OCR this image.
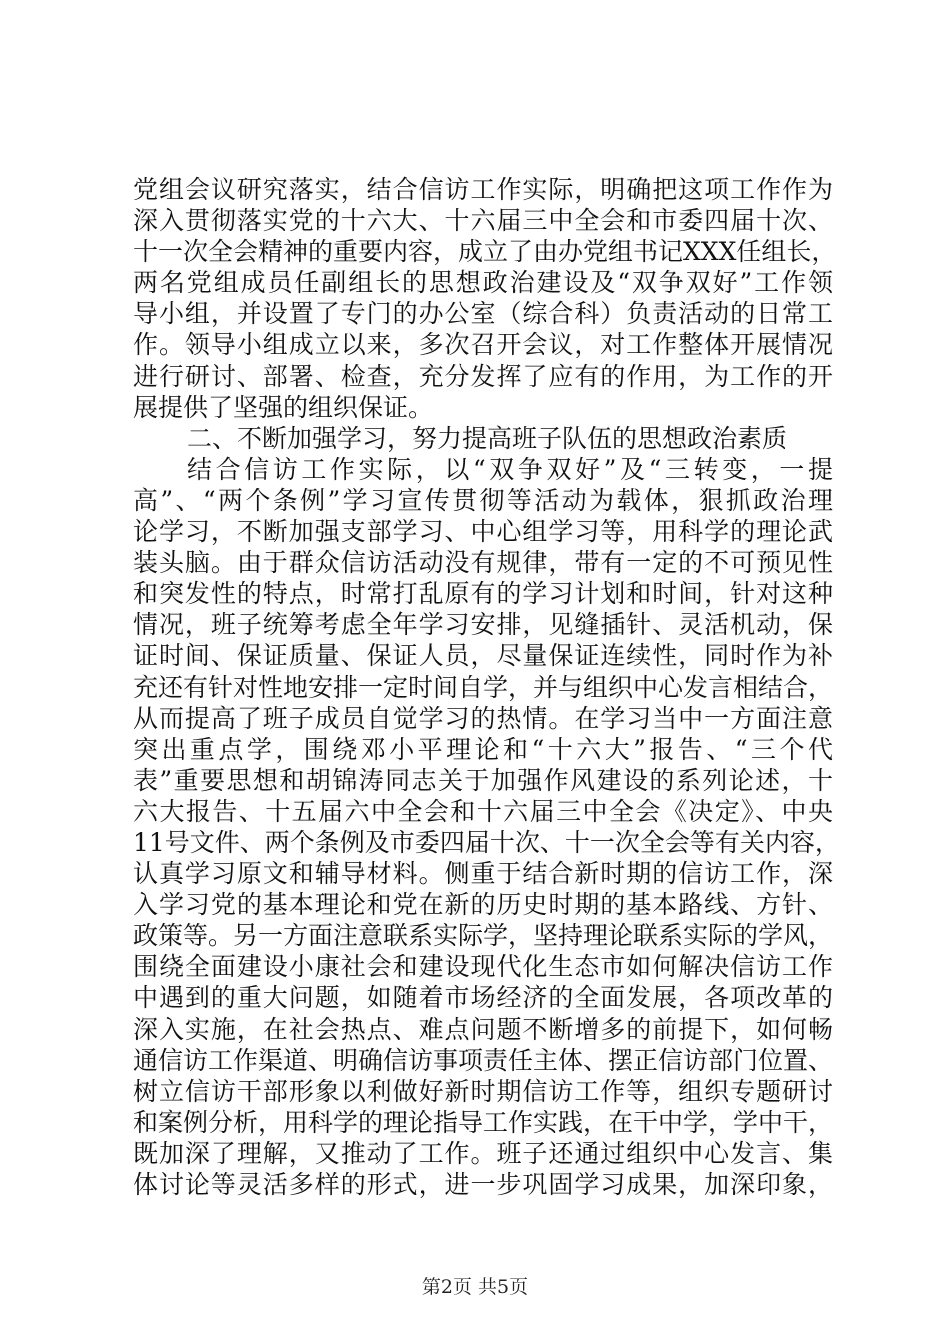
党组会议研究落实，结合信访工作实际，明确把这项工作作为
深入贯彻落实党的十六大、十六届三中全会和市委四届十次、
十一次全会精神的重要内容，成立了由办党组书记XXX任组长，
两名党组成员任副组长的思想政治建设及“双争双好”工作领
导小组，并设置了专门的办公室（综合科）负责活动的日常工
作。领导小组成立以来，多次召开会议，对工作整体开展情况
进行研讨、部署、检查，充分发挥了应有的作用，为工作的开
展提供了坚强的组织保证。
二、不断加强学习，努力提高班子队伍的思想政治素质
结合信访工作实际，以“双争双好”及“三转变，一提
高”、“两个条例”学习宣传贯彻等活动为载体，狠抓政治理
论学习，不断加强支部学习、中心组学习等，用科学的理论武
装头脑。由于群众信访活动没有规律，带有一定的不可预见性
和突发性的特点，时常打乱原有的学习计划和时间，针对这种
情况，班子统筹考虑全年学习安排，见缝插针、灵活机动，保
证时间、保证质量、保证人员，尽量保证连续性，同时作为补
充还有针对性地安排一定时间自学，并与组织中心发言相结合，
从而提高了班子成员自觉学习的热情。在学习当中一方面注意
突出重点学，围绕邓小平理论和“十六大”报告、“三个代
表”重要思想和胡锦涛同志关于加强作风建设的系列论述，十
六大报告、十五届六中全会和十六届三中全会《决定》、中央
11号文件、两个条例及市委四届十次、十一次全会等有关内容，
认真学习原文和辅导材料。侧重于结合新时期的信访工作，深
入学习党的基本理论和党在新的历史时期的基本路线、方针、
政策等。另一方面注意联系实际学，坚持理论联系实际的学风，
围绕全面建设小康社会和建设现代化生态市如何解决信访工作
中遇到的重大问题，如随着市场经济的全面发展，各项改革的
深入实施，在社会热点、难点问题不断增多的前提下，如何畅
通信访工作渠道、明确信访事项责任主体、摆正信访部门位置、
树立信访干部形象以利做好新时期信访工作等，组织专题研讨
和案例分析，用科学的理论指导工作实践，在干中学，学中干，
既加深了理解，又推动了工作。班子还通过组织中心发言、集
体讨论等灵活多样的形式，进一步巩固学习成果，加深印象，
第2页 共5页
